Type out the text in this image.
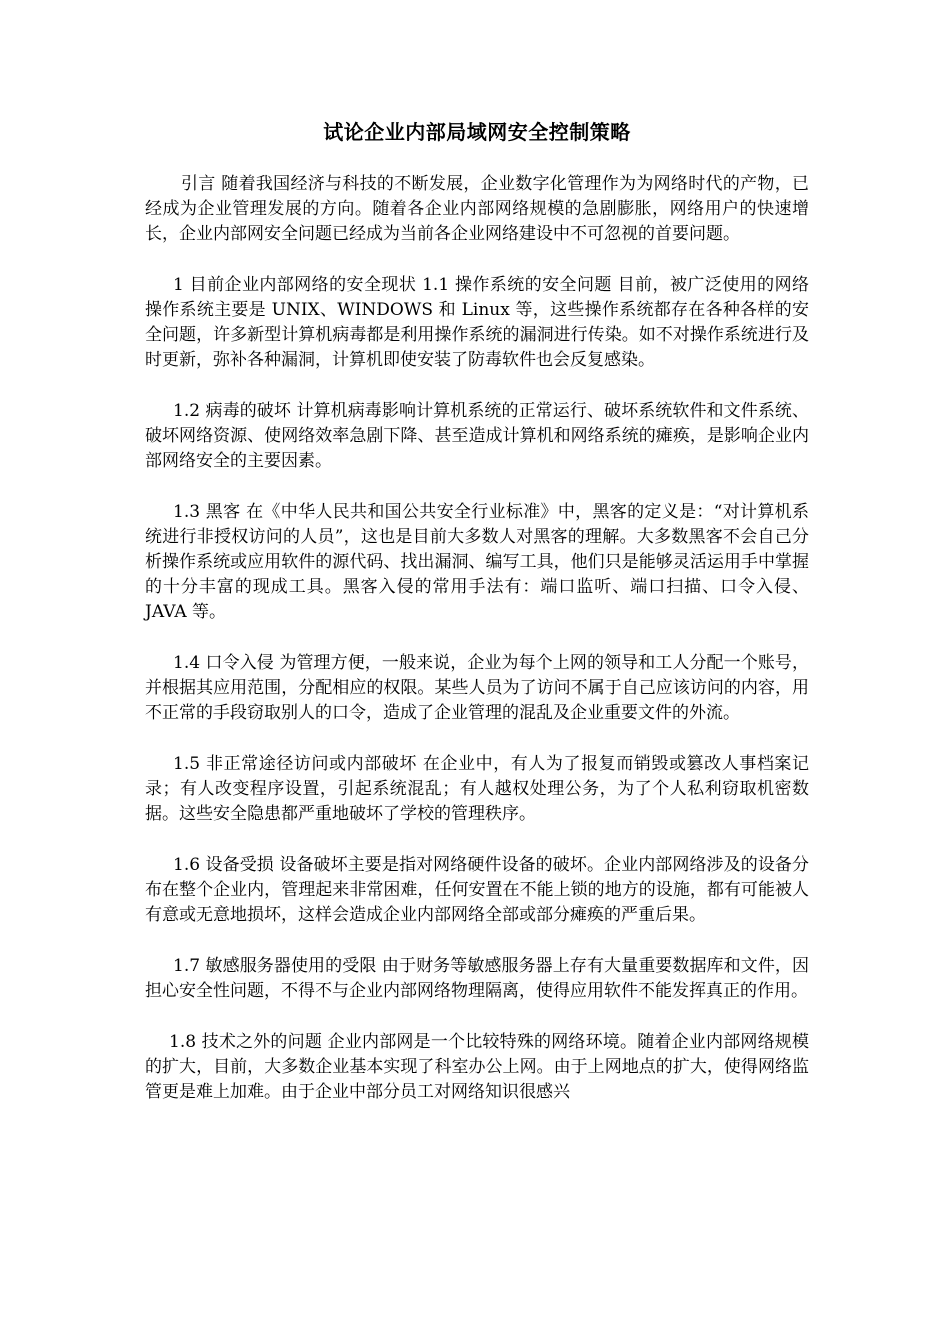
试论企业内部局域网安全控制策略

引言 随着我国经济与科技的不断发展，企业数字化管理作为为网络时代的产物，已经成为企业管理发展的方向。随着各企业内部网络规模的急剧膨胀，网络用户的快速增长，企业内部网安全问题已经成为当前各企业网络建设中不可忽视的首要问题。

1 目前企业内部网络的安全现状 1.1 操作系统的安全问题 目前，被广泛使用的网络操作系统主要是 UNIX、WINDOWS 和 Linux 等，这些操作系统都存在各种各样的安全问题，许多新型计算机病毒都是利用操作系统的漏洞进行传染。如不对操作系统进行及时更新，弥补各种漏洞，计算机即使安装了防毒软件也会反复感染。

1.2 病毒的破坏 计算机病毒影响计算机系统的正常运行、破坏系统软件和文件系统、破坏网络资源、使网络效率急剧下降、甚至造成计算机和网络系统的瘫痪，是影响企业内部网络安全的主要因素。

1.3 黑客 在《中华人民共和国公共安全行业标准》中，黑客的定义是：“对计算机系统进行非授权访问的人员”，这也是目前大多数人对黑客的理解。大多数黑客不会自己分析操作系统或应用软件的源代码、找出漏洞、编写工具，他们只是能够灵活运用手中掌握的十分丰富的现成工具。黑客入侵的常用手法有：端口监听、端口扫描、口令入侵、JAVA 等。

1.4 口令入侵 为管理方便，一般来说，企业为每个上网的领导和工人分配一个账号，并根据其应用范围，分配相应的权限。某些人员为了访问不属于自己应该访问的内容，用不正常的手段窃取别人的口令，造成了企业管理的混乱及企业重要文件的外流。

1.5 非正常途径访问或内部破坏 在企业中，有人为了报复而销毁或篡改人事档案记录；有人改变程序设置，引起系统混乱；有人越权处理公务，为了个人私利窃取机密数据。这些安全隐患都严重地破坏了学校的管理秩序。

1.6 设备受损 设备破坏主要是指对网络硬件设备的破坏。企业内部网络涉及的设备分布在整个企业内，管理起来非常困难，任何安置在不能上锁的地方的设施，都有可能被人有意或无意地损坏，这样会造成企业内部网络全部或部分瘫痪的严重后果。

1.7 敏感服务器使用的受限 由于财务等敏感服务器上存有大量重要数据库和文件，因担心安全性问题，不得不与企业内部网络物理隔离，使得应用软件不能发挥真正的作用。

1.8 技术之外的问题 企业内部网是一个比较特殊的网络环境。随着企业内部网络规模的扩大，目前，大多数企业基本实现了科室办公上网。由于上网地点的扩大，使得网络监管更是难上加难。由于企业中部分员工对网络知识很感兴
